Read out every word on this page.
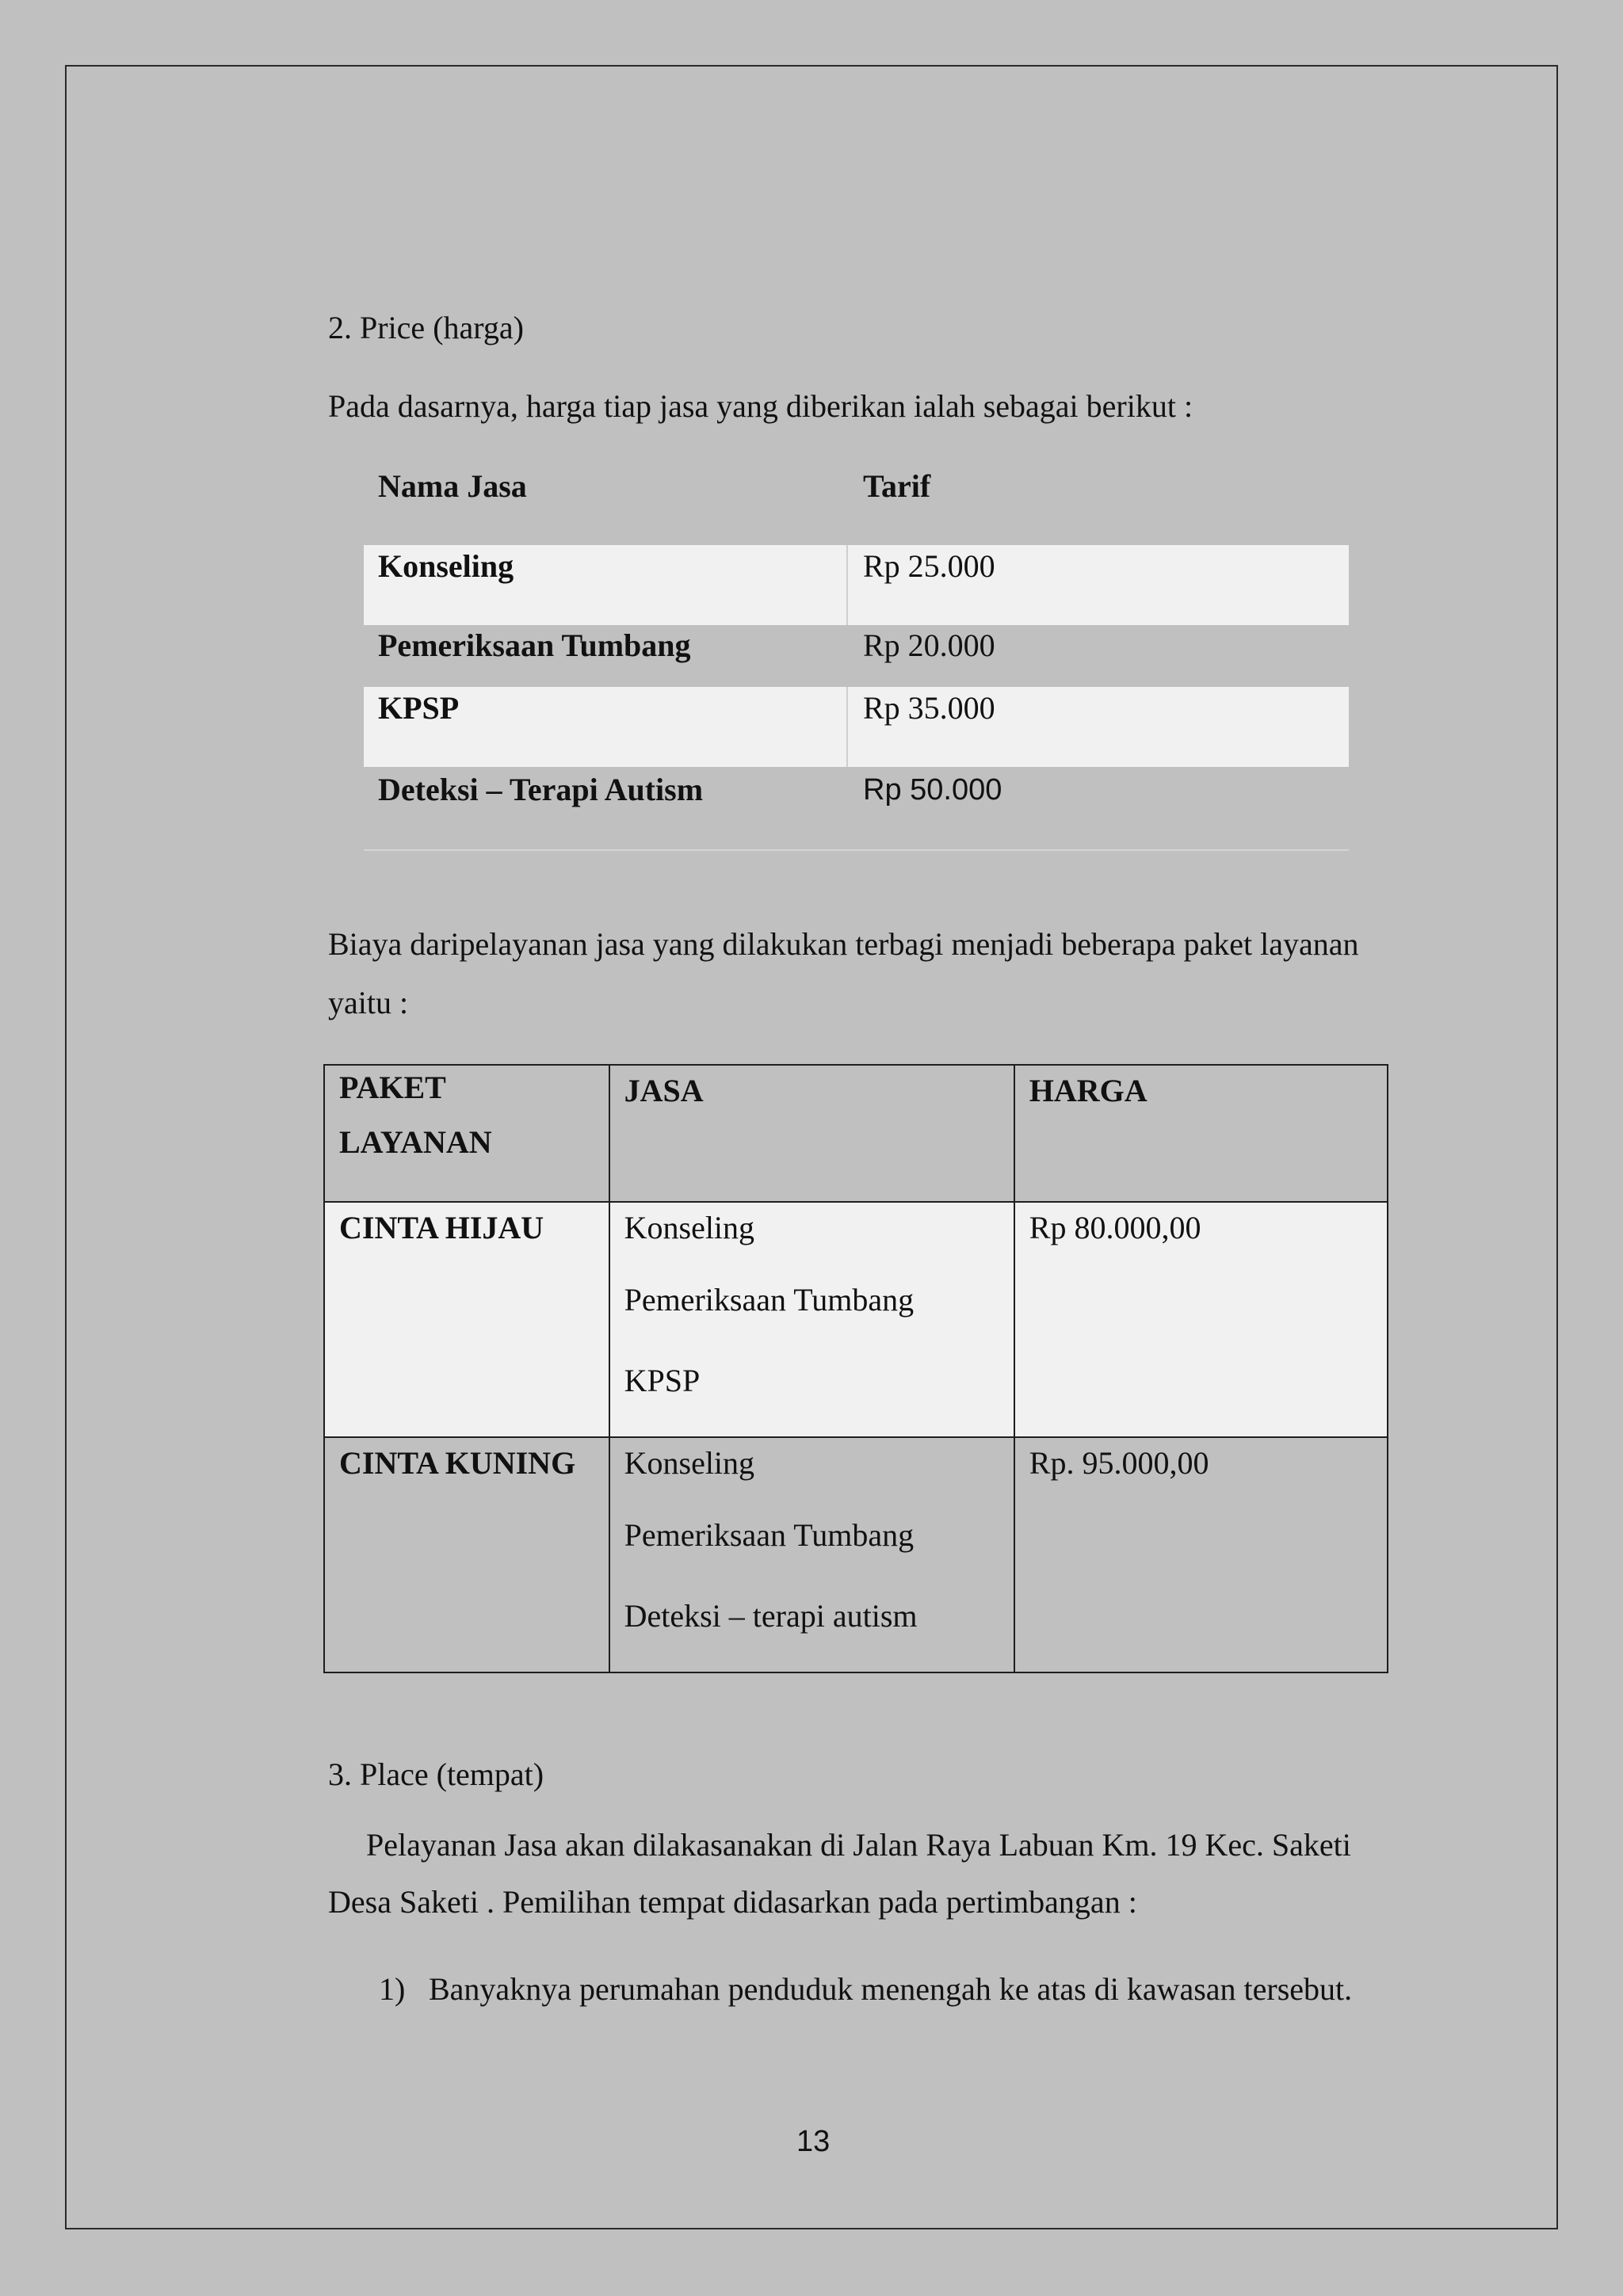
2. Price (harga)
Pada dasarnya, harga tiap jasa yang diberikan ialah sebagai berikut :
Nama Jasa	Tarif
Konseling	Rp 25.000
Pemeriksaan Tumbang	Rp 20.000
KPSP	Rp 35.000
Deteksi – Terapi Autism	Rp 50.000
Biaya daripelayanan jasa yang dilakukan terbagi menjadi beberapa paket layanan
yaitu :
PAKET
LAYANAN	JASA	HARGA

CINTA HIJAU	Konseling
Pemeriksaan Tumbang
KPSP	Rp 80.000,00
CINTA KUNING	Konseling
Pemeriksaan Tumbang
Deteksi – terapi autism	Rp. 95.000,00
3. Place (tempat)
Pelayanan Jasa akan dilakasanakan di Jalan Raya Labuan Km. 19 Kec. Saketi
Desa Saketi . Pemilihan tempat didasarkan pada pertimbangan :
1) Banyaknya perumahan penduduk menengah ke atas di kawasan tersebut.
13
